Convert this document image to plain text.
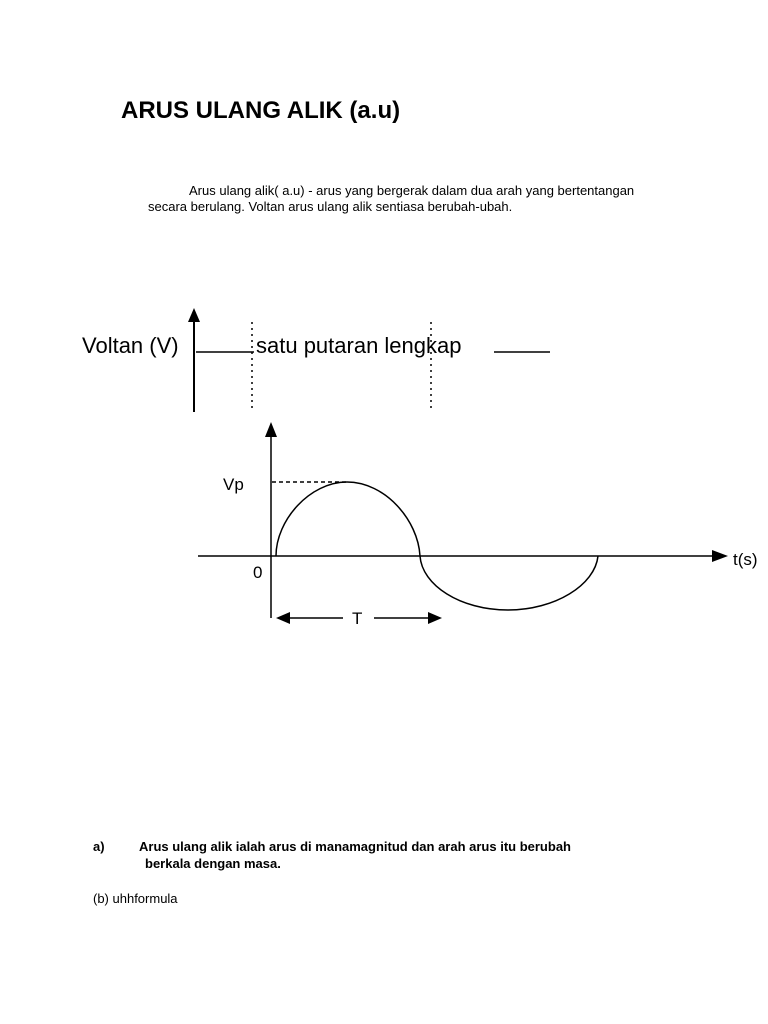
ARUS ULANG ALIK (a.u)

Arus ulang alik( a.u) - arus yang bergerak dalam dua arah yang bertentangan secara berulang. Voltan arus ulang alik sentiasa berubah-ubah.

Voltan (V)	satu putaran lengkap
Vp
0
t(s)
T
a)	Arus ulang alik ialah arus di manamagnitud dan arah arus itu berubah
berkala dengan masa.

(b) uhhformula
